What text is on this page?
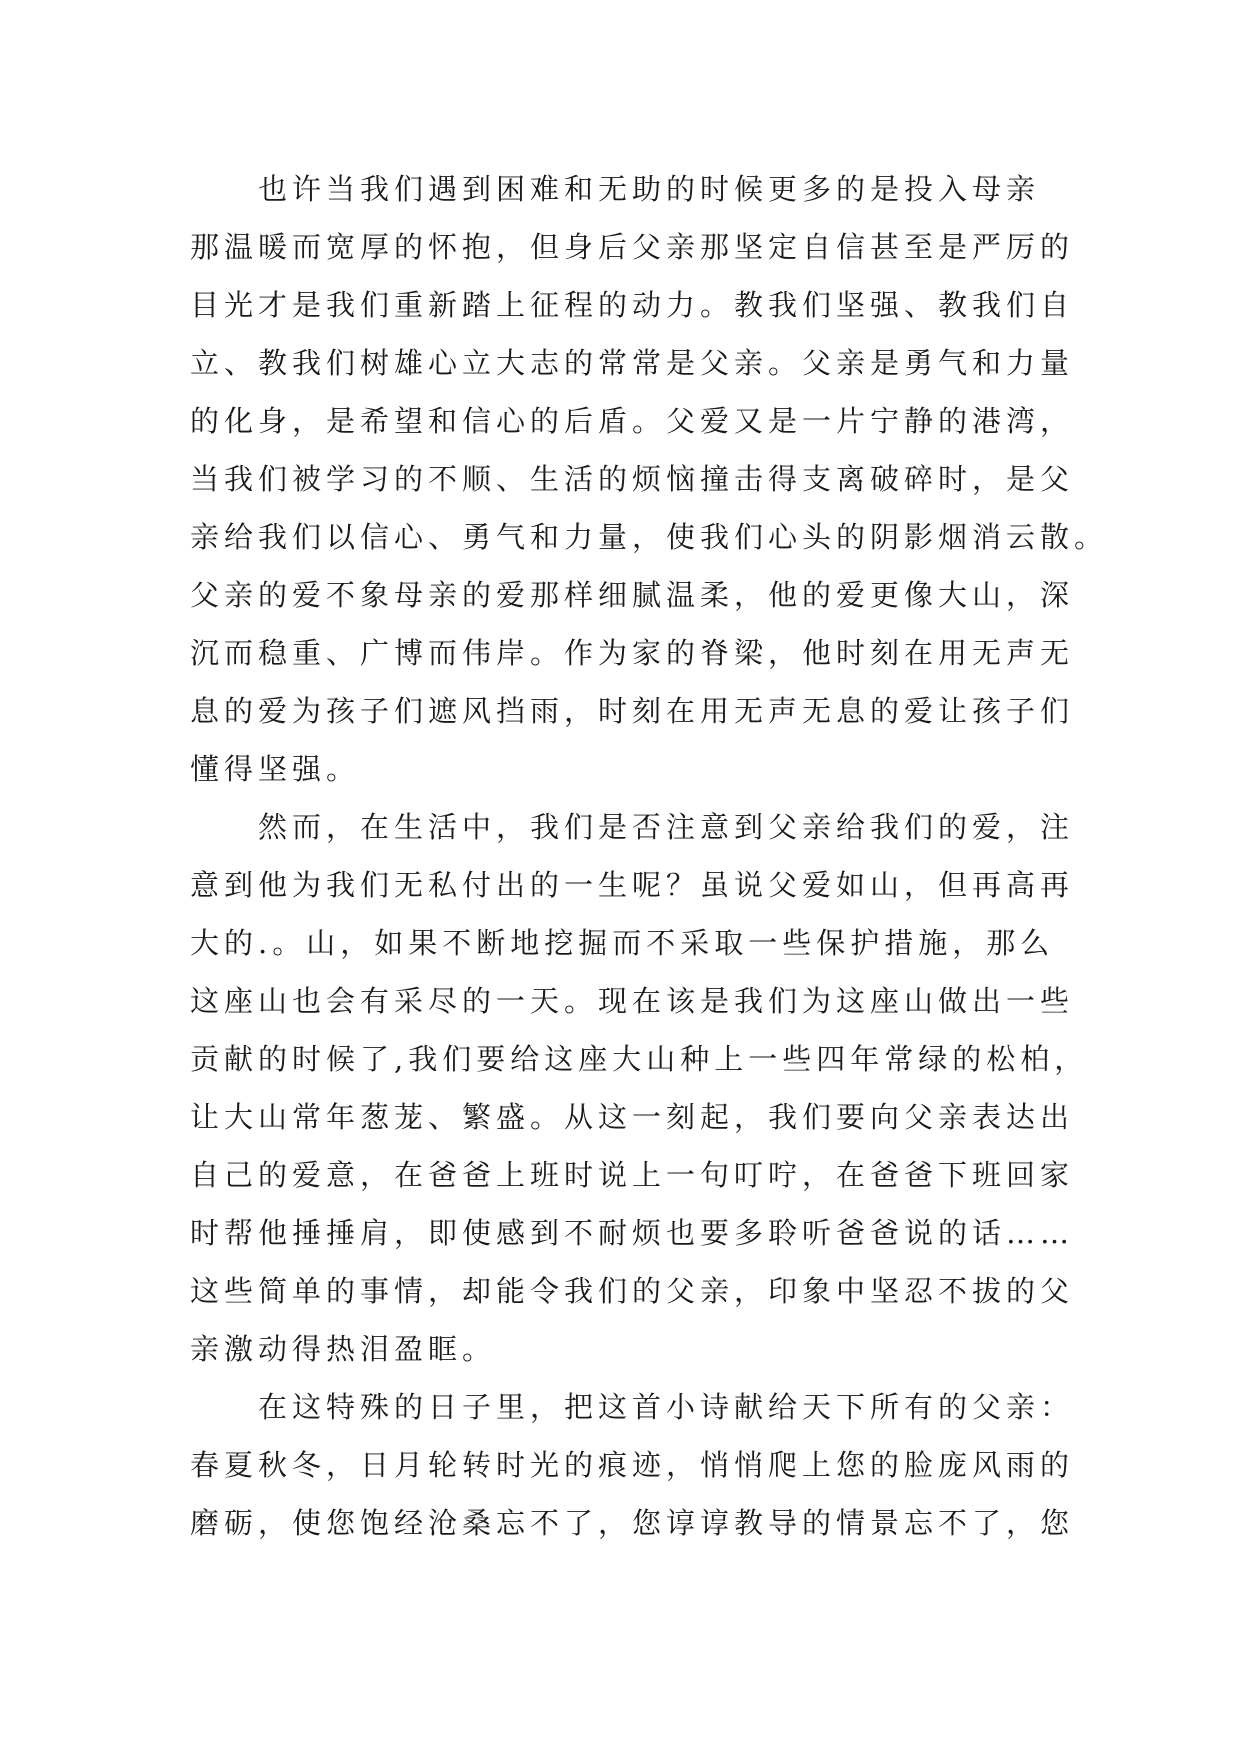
　　也许当我们遇到困难和无助的时候更多的是投入母亲
那温暖而宽厚的怀抱，但身后父亲那坚定自信甚至是严厉的
目光才是我们重新踏上征程的动力。教我们坚强、教我们自
立、教我们树雄心立大志的常常是父亲。父亲是勇气和力量
的化身，是希望和信心的后盾。父爱又是一片宁静的港湾，
当我们被学习的不顺、生活的烦恼撞击得支离破碎时，是父
亲给我们以信心、勇气和力量，使我们心头的阴影烟消云散。
父亲的爱不象母亲的爱那样细腻温柔，他的爱更像大山，深
沉而稳重、广博而伟岸。作为家的脊梁，他时刻在用无声无
息的爱为孩子们遮风挡雨，时刻在用无声无息的爱让孩子们
懂得坚强。
　　然而，在生活中，我们是否注意到父亲给我们的爱，注
意到他为我们无私付出的一生呢？虽说父爱如山，但再高再
大的.。山，如果不断地挖掘而不采取一些保护措施，那么
这座山也会有采尽的一天。现在该是我们为这座山做出一些
贡献的时候了,我们要给这座大山种上一些四年常绿的松柏，
让大山常年葱茏、繁盛。从这一刻起，我们要向父亲表达出
自己的爱意，在爸爸上班时说上一句叮咛，在爸爸下班回家
时帮他捶捶肩，即使感到不耐烦也要多聆听爸爸说的话……
这些简单的事情，却能令我们的父亲，印象中坚忍不拔的父
亲激动得热泪盈眶。
　　在这特殊的日子里，把这首小诗献给天下所有的父亲：
春夏秋冬，日月轮转时光的痕迹，悄悄爬上您的脸庞风雨的
磨砺，使您饱经沧桑忘不了，您谆谆教导的情景忘不了，您
